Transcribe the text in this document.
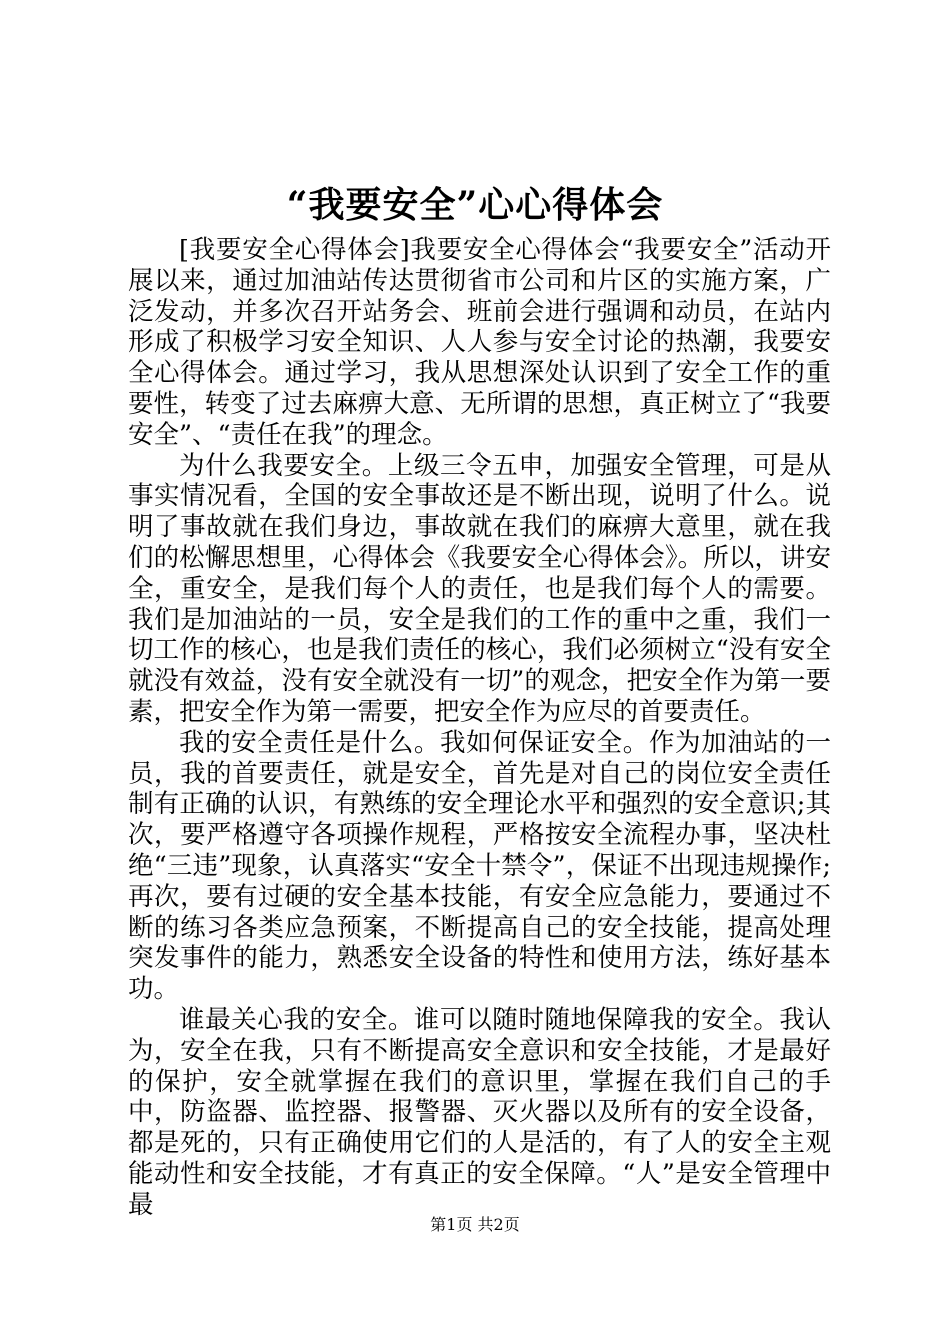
“我要安全”心心得体会

[我要安全心得体会]我要安全心得体会“我要安全”活动开展以来，通过加油站传达贯彻省市公司和片区的实施方案，广泛发动，并多次召开站务会、班前会进行强调和动员，在站内形成了积极学习安全知识、人人参与安全讨论的热潮，我要安全心得体会。通过学习，我从思想深处认识到了安全工作的重要性，转变了过去麻痹大意、无所谓的思想，真正树立了“我要安全”、“责任在我”的理念。

为什么我要安全。上级三令五申，加强安全管理，可是从事实情况看，全国的安全事故还是不断出现，说明了什么。说明了事故就在我们身边，事故就在我们的麻痹大意里，就在我们的松懈思想里，心得体会《我要安全心得体会》。所以，讲安全，重安全，是我们每个人的责任，也是我们每个人的需要。我们是加油站的一员，安全是我们的工作的重中之重，我们一切工作的核心，也是我们责任的核心，我们必须树立“没有安全就没有效益，没有安全就没有一切”的观念，把安全作为第一要素，把安全作为第一需要，把安全作为应尽的首要责任。

我的安全责任是什么。我如何保证安全。作为加油站的一员，我的首要责任，就是安全，首先是对自己的岗位安全责任制有正确的认识，有熟练的安全理论水平和强烈的安全意识;其次，要严格遵守各项操作规程，严格按安全流程办事，坚决杜绝“三违”现象，认真落实“安全十禁令”，保证不出现违规操作;再次，要有过硬的安全基本技能，有安全应急能力，要通过不断的练习各类应急预案，不断提高自己的安全技能，提高处理突发事件的能力，熟悉安全设备的特性和使用方法，练好基本功。

谁最关心我的安全。谁可以随时随地保障我的安全。我认为，安全在我，只有不断提高安全意识和安全技能，才是最好的保护，安全就掌握在我们的意识里，掌握在我们自己的手中，防盗器、监控器、报警器、灭火器以及所有的安全设备，都是死的，只有正确使用它们的人是活的，有了人的安全主观能动性和安全技能，才有真正的安全保障。“人”是安全管理中最

第1页 共2页
